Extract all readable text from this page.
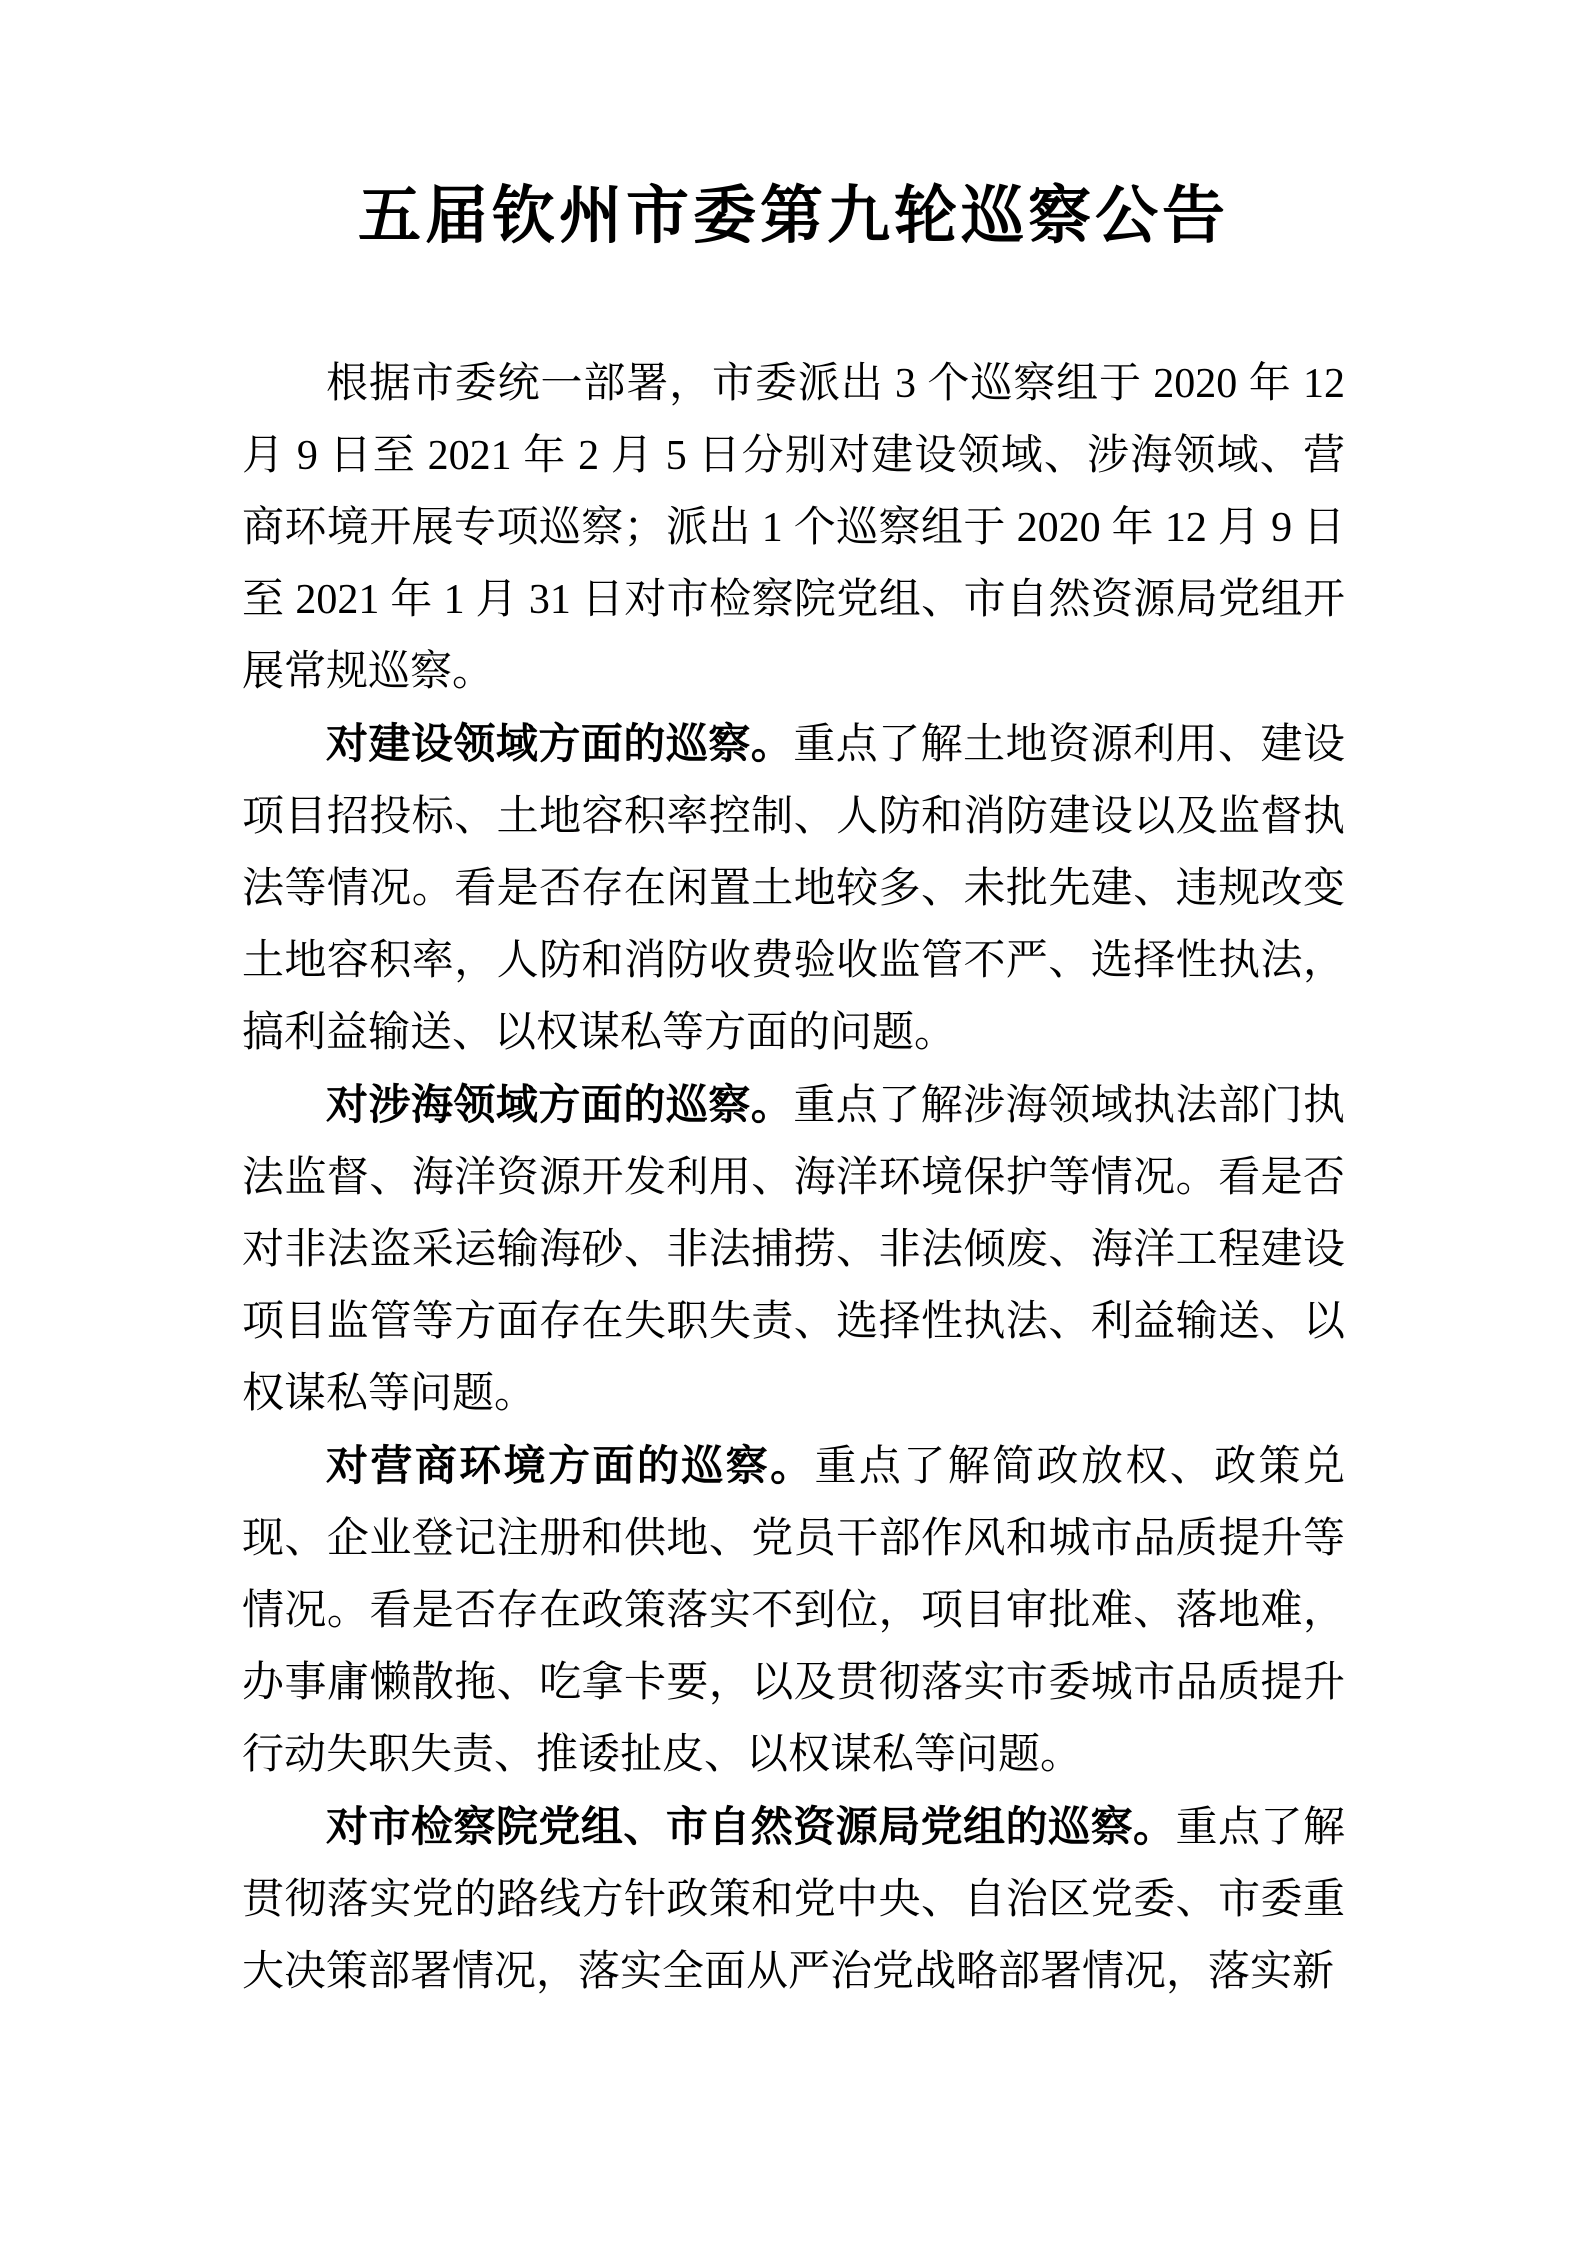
五届钦州市委第九轮巡察公告

根据市委统一部署，市委派出 3 个巡察组于 2020 年 12 月 9 日至 2021 年 2 月 5 日分别对建设领域、涉海领域、营商环境开展专项巡察；派出 1 个巡察组于 2020 年 12 月 9 日至 2021 年 1 月 31 日对市检察院党组、市自然资源局党组开展常规巡察。

对建设领域方面的巡察。重点了解土地资源利用、建设项目招投标、土地容积率控制、人防和消防建设以及监督执法等情况。看是否存在闲置土地较多、未批先建、违规改变土地容积率，人防和消防收费验收监管不严、选择性执法，搞利益输送、以权谋私等方面的问题。

对涉海领域方面的巡察。重点了解涉海领域执法部门执法监督、海洋资源开发利用、海洋环境保护等情况。看是否对非法盗采运输海砂、非法捕捞、非法倾废、海洋工程建设项目监管等方面存在失职失责、选择性执法、利益输送、以权谋私等问题。

对营商环境方面的巡察。重点了解简政放权、政策兑现、企业登记注册和供地、党员干部作风和城市品质提升等情况。看是否存在政策落实不到位，项目审批难、落地难，办事庸懒散拖、吃拿卡要，以及贯彻落实市委城市品质提升行动失职失责、推诿扯皮、以权谋私等问题。

对市检察院党组、市自然资源局党组的巡察。重点了解贯彻落实党的路线方针政策和党中央、自治区党委、市委重大决策部署情况，落实全面从严治党战略部署情况，落实新
